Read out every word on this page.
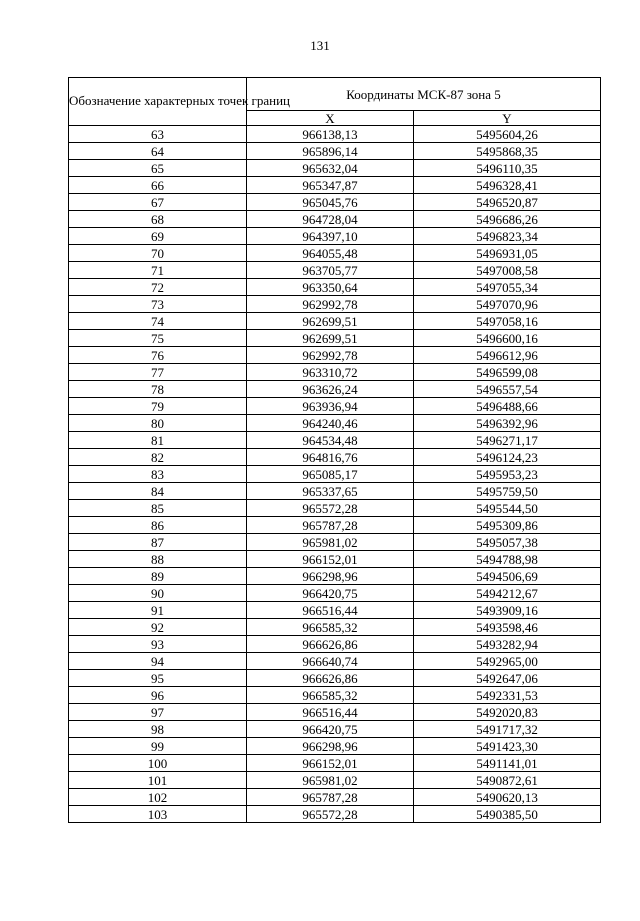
131
Обозначение характерных точек границ	Координаты МСК-87 зона 5	
	X	Y
63	966138,13	5495604,26
64	965896,14	5495868,35
65	965632,04	5496110,35
66	965347,87	5496328,41
67	965045,76	5496520,87
68	964728,04	5496686,26
69	964397,10	5496823,34
70	964055,48	5496931,05
71	963705,77	5497008,58
72	963350,64	5497055,34
73	962992,78	5497070,96
74	962699,51	5497058,16
75	962699,51	5496600,16
76	962992,78	5496612,96
77	963310,72	5496599,08
78	963626,24	5496557,54
79	963936,94	5496488,66
80	964240,46	5496392,96
81	964534,48	5496271,17
82	964816,76	5496124,23
83	965085,17	5495953,23
84	965337,65	5495759,50
85	965572,28	5495544,50
86	965787,28	5495309,86
87	965981,02	5495057,38
88	966152,01	5494788,98
89	966298,96	5494506,69
90	966420,75	5494212,67
91	966516,44	5493909,16
92	966585,32	5493598,46
93	966626,86	5493282,94
94	966640,74	5492965,00
95	966626,86	5492647,06
96	966585,32	5492331,53
97	966516,44	5492020,83
98	966420,75	5491717,32
99	966298,96	5491423,30
100	966152,01	5491141,01
101	965981,02	5490872,61
102	965787,28	5490620,13
103	965572,28	5490385,50
